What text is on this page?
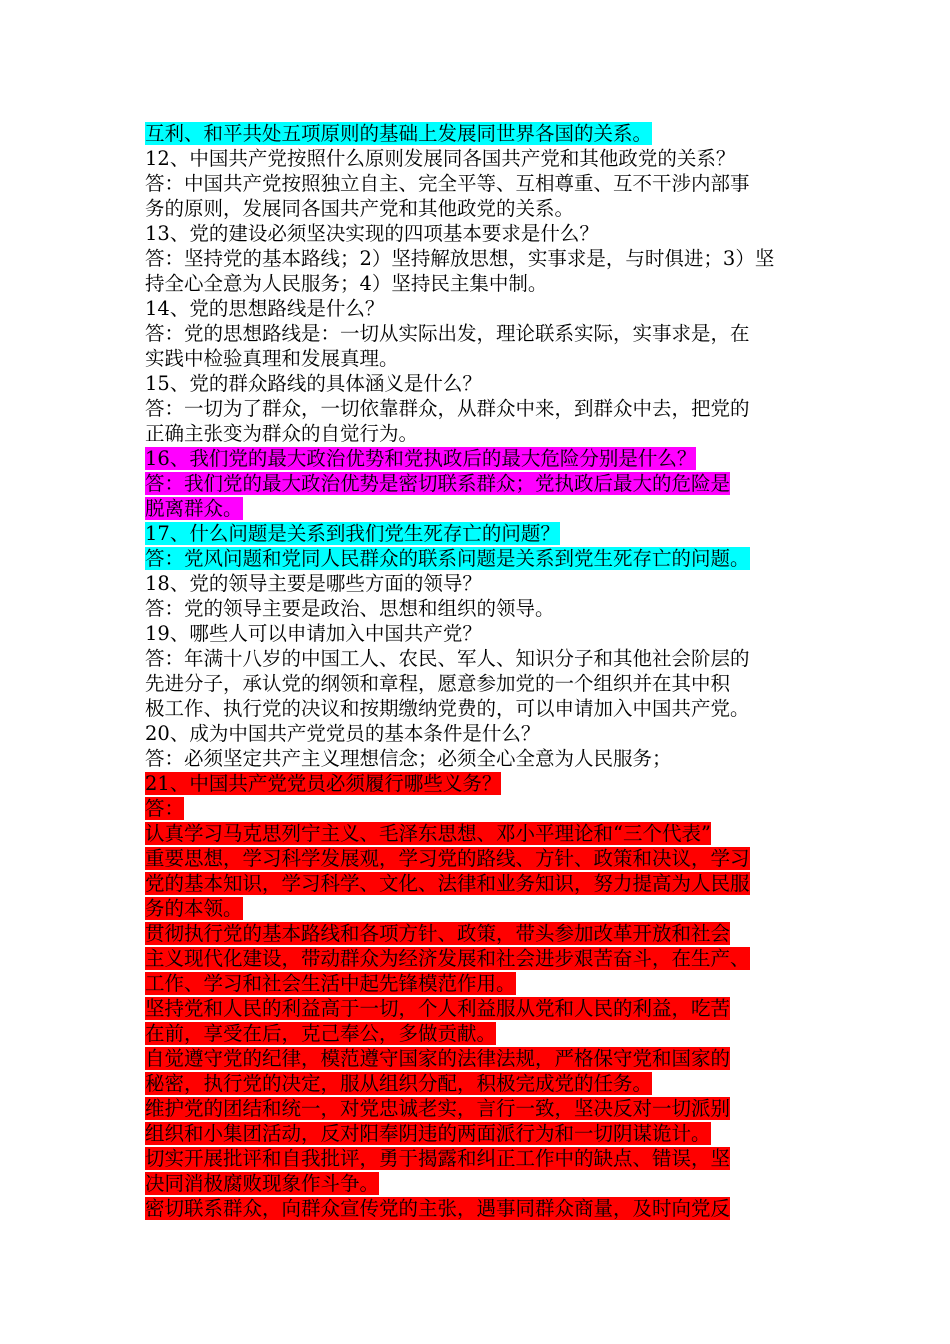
互利、和平共处五项原则的基础上发展同世界各国的关系。
12、中国共产党按照什么原则发展同各国共产党和其他政党的关系？
答：中国共产党按照独立自主、完全平等、互相尊重、互不干涉内部事
务的原则，发展同各国共产党和其他政党的关系。
13、党的建设必须坚决实现的四项基本要求是什么？
答：坚持党的基本路线；2）坚持解放思想，实事求是，与时俱进；3）坚
持全心全意为人民服务；4）坚持民主集中制。
14、党的思想路线是什么？
答：党的思想路线是：一切从实际出发，理论联系实际，实事求是，在
实践中检验真理和发展真理。
15、党的群众路线的具体涵义是什么？
答：一切为了群众，一切依靠群众，从群众中来，到群众中去，把党的
正确主张变为群众的自觉行为。
16、我们党的最大政治优势和党执政后的最大危险分别是什么？
答：我们党的最大政治优势是密切联系群众；党执政后最大的危险是
脱离群众。
17、什么问题是关系到我们党生死存亡的问题？
答：党风问题和党同人民群众的联系问题是关系到党生死存亡的问题。
18、党的领导主要是哪些方面的领导？
答：党的领导主要是政治、思想和组织的领导。
19、哪些人可以申请加入中国共产党？
答：年满十八岁的中国工人、农民、军人、知识分子和其他社会阶层的
先进分子，承认党的纲领和章程，愿意参加党的一个组织并在其中积
极工作、执行党的决议和按期缴纳党费的，可以申请加入中国共产党。
20、成为中国共产党党员的基本条件是什么？
答：必须坚定共产主义理想信念；必须全心全意为人民服务；
21、中国共产党党员必须履行哪些义务？
答：
认真学习马克思列宁主义、毛泽东思想、邓小平理论和“三个代表”
重要思想，学习科学发展观，学习党的路线、方针、政策和决议，学习
党的基本知识，学习科学、文化、法律和业务知识，努力提高为人民服
务的本领。
贯彻执行党的基本路线和各项方针、政策，带头参加改革开放和社会
主义现代化建设，带动群众为经济发展和社会进步艰苦奋斗，在生产、
工作、学习和社会生活中起先锋模范作用。
坚持党和人民的利益高于一切，个人利益服从党和人民的利益，吃苦
在前，享受在后，克己奉公，多做贡献。
自觉遵守党的纪律，模范遵守国家的法律法规，严格保守党和国家的
秘密，执行党的决定，服从组织分配，积极完成党的任务。
维护党的团结和统一，对党忠诚老实，言行一致，坚决反对一切派别
组织和小集团活动，反对阳奉阴违的两面派行为和一切阴谋诡计。
切实开展批评和自我批评，勇于揭露和纠正工作中的缺点、错误，坚
决同消极腐败现象作斗争。
密切联系群众，向群众宣传党的主张，遇事同群众商量，及时向党反
